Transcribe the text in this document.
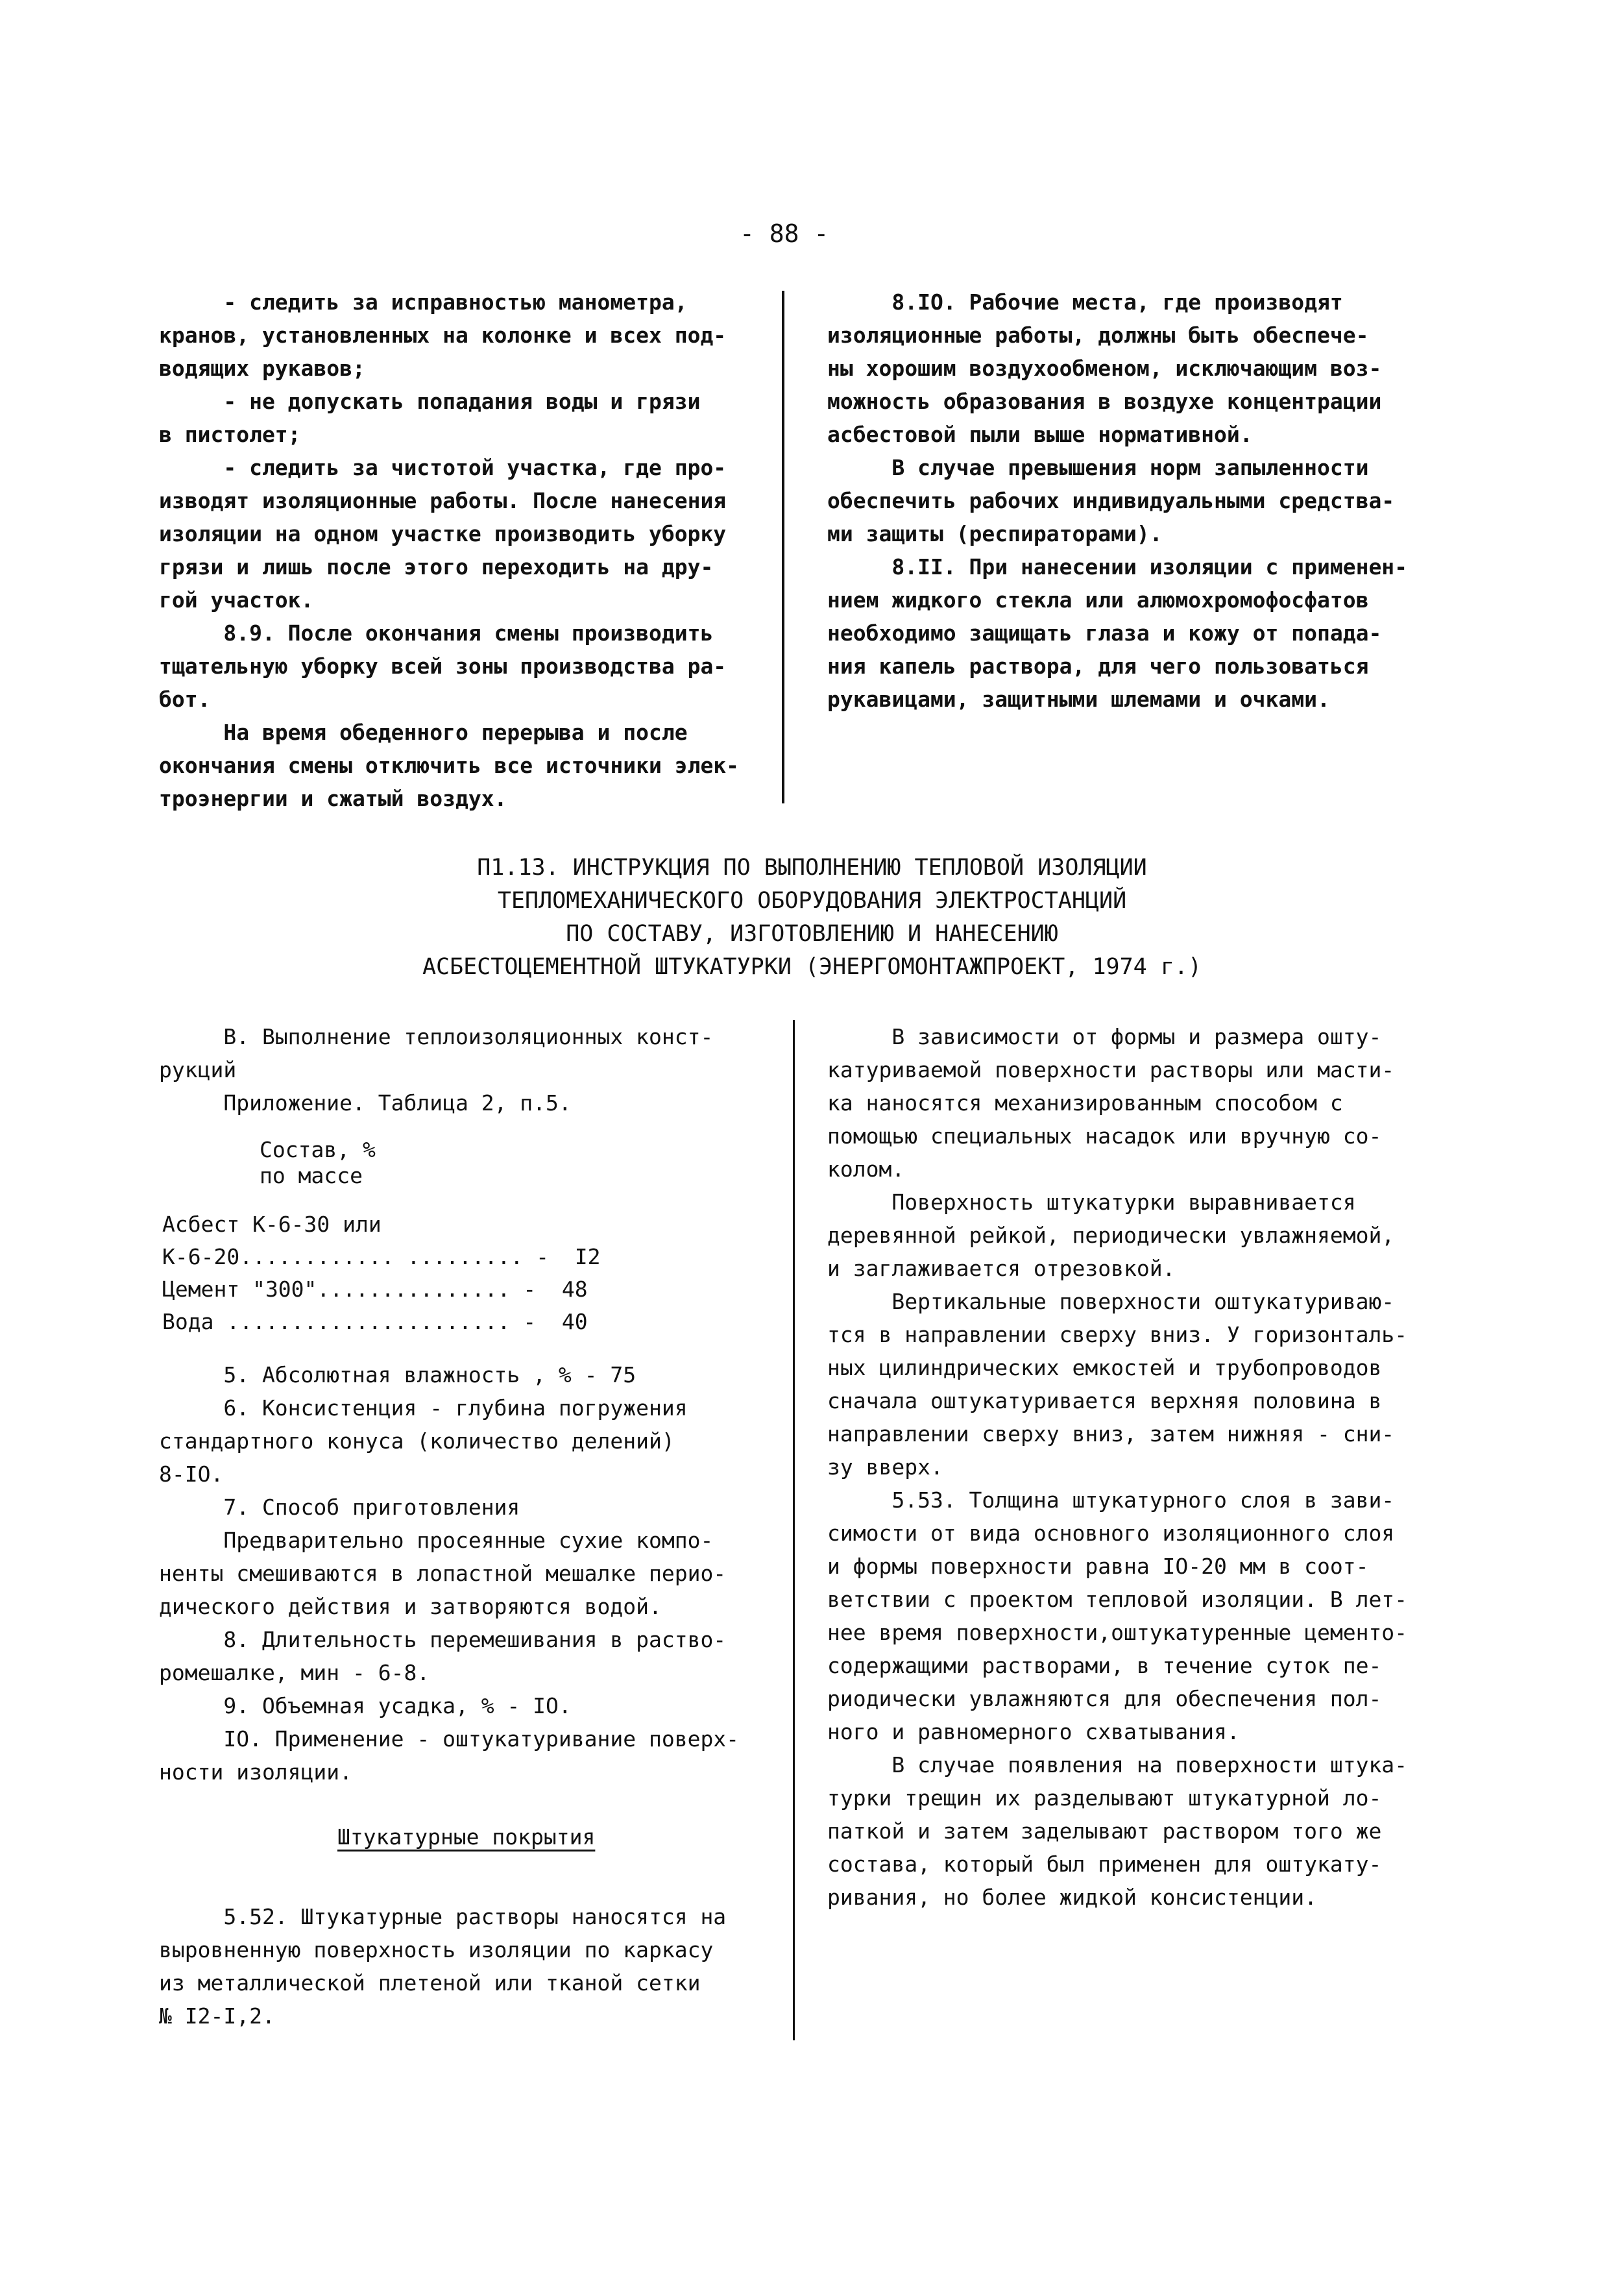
- 88 -

- следить за исправностью манометра,

кранов, установленных на колонке и всех под-

водящих рукавов;

- не допускать попадания воды и грязи

в пистолет;

- следить за чистотой участка, где про-

изводят изоляционные работы. После нанесения

изоляции на одном участке производить уборку

грязи и лишь после этого переходить на дру-

гой участок.

8.9. После окончания смены производить

тщательную уборку всей зоны производства ра-

бот.

На время обеденного перерыва и после

окончания смены отключить все источники элек-

троэнергии и сжатый воздух.

8.IO. Рабочие места, где производят

изоляционные работы, должны быть обеспече-

ны хорошим воздухообменом, исключающим воз-

можность образования в воздухе концентрации

асбестовой пыли выше нормативной.

В случае превышения норм запыленности

обеспечить рабочих индивидуальными средства-

ми защиты (респираторами).

8.II. При нанесении изоляции с применен-

нием жидкого стекла или алюмохромофосфатов

необходимо защищать глаза и кожу от попада-

ния капель раствора, для чего пользоваться

рукавицами, защитными шлемами и очками.

П1.13. ИНСТРУКЦИЯ ПО ВЫПОЛНЕНИЮ ТЕПЛОВОЙ ИЗОЛЯЦИИ

ТЕПЛОМЕХАНИЧЕСКОГО ОБОРУДОВАНИЯ ЭЛЕКТРОСТАНЦИЙ

ПО СОСТАВУ, ИЗГОТОВЛЕНИЮ И НАНЕСЕНИЮ

АСБЕСТОЦЕМЕНТНОЙ ШТУКАТУРКИ (ЭНЕРГОМОНТАЖПРОЕКТ, 1974 г.)

В. Выполнение теплоизоляционных конст-

рукций

Приложение. Таблица 2, п.5.

Состав, %

по массе

Асбест К-6-30 или

К-6-20............ ......... -  I2

Цемент "300"............... -  48

Вода ...................... -  40

5. Абсолютная влажность , % - 75

6. Консистенция - глубина погружения

стандартного конуса (количество делений)

8-IO.

7. Способ приготовления

Предварительно просеянные сухие компо-

ненты смешиваются в лопастной мешалке перио-

дического действия и затворяются водой.

8. Длительность перемешивания в раство-

ромешалке, мин - 6-8.

9. Объемная усадка, % - IO.

IO. Применение - оштукатуривание поверх-

ности изоляции.

Штукатурные покрытия

5.52. Штукатурные растворы наносятся на

выровненную поверхность изоляции по каркасу

из металлической плетеной или тканой сетки

№ I2-I,2.

В зависимости от формы и размера ошту-

катуриваемой поверхности растворы или масти-

ка наносятся механизированным способом с

помощью специальных насадок или вручную со-

колом.

Поверхность штукатурки выравнивается

деревянной рейкой, периодически увлажняемой,

и заглаживается отрезовкой.

Вертикальные поверхности оштукатуриваю-

тся в направлении сверху вниз. У горизонталь-

ных цилиндрических емкостей и трубопроводов

сначала оштукатуривается верхняя половина в

направлении сверху вниз, затем нижняя - сни-

зу вверх.

5.53. Толщина штукатурного слоя в зави-

симости от вида основного изоляционного слоя

и формы поверхности равна IO-20 мм в соот-

ветствии с проектом тепловой изоляции. В лет-

нее время поверхности,оштукатуренные цементо-

содержащими растворами, в течение суток пе-

риодически увлажняются для обеспечения пол-

ного и равномерного схватывания.

В случае появления на поверхности штука-

турки трещин их разделывают штукатурной ло-

паткой и затем заделывают раствором того же

состава, который был применен для оштукату-

ривания, но более жидкой консистенции.
